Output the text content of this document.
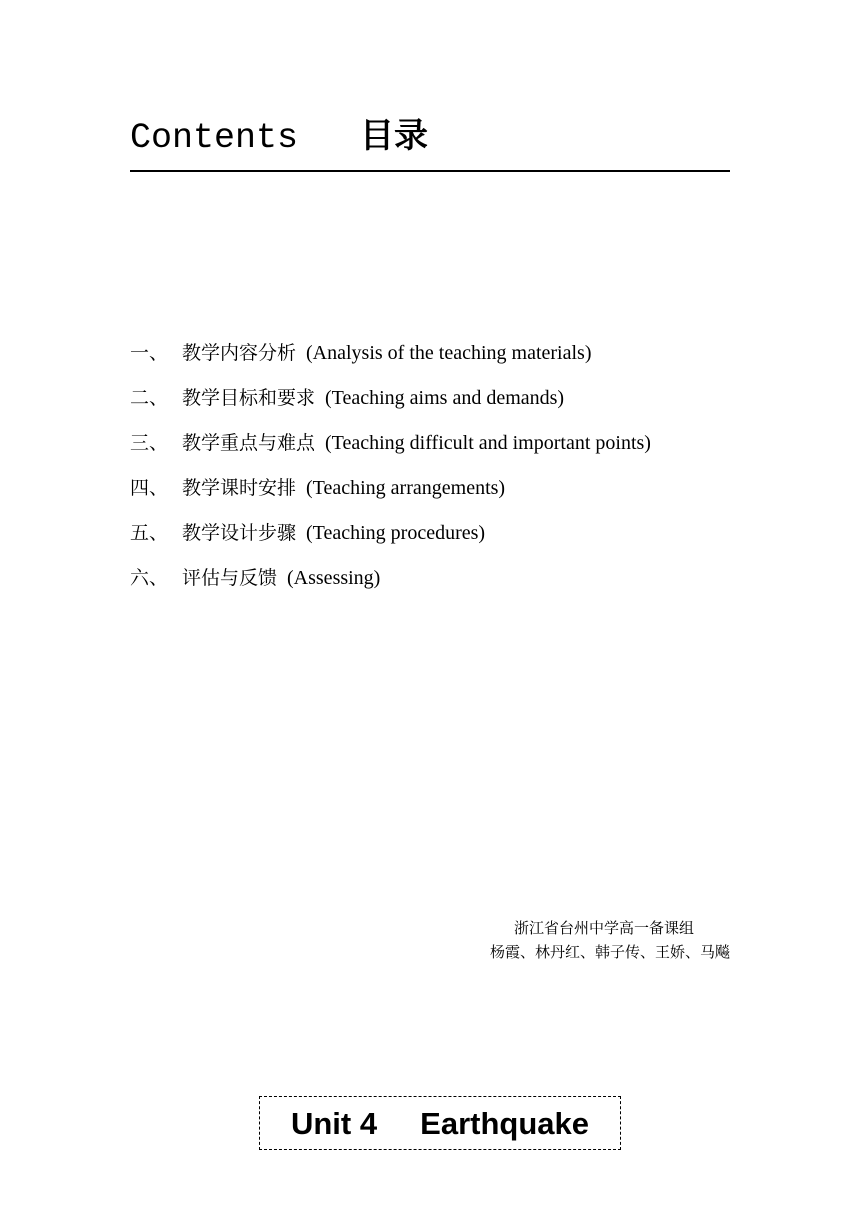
Contents 目录
一、 教学内容分析 (Analysis of the teaching materials)
二、 教学目标和要求 (Teaching aims and demands)
三、 教学重点与难点 (Teaching difficult and important points)
四、 教学课时安排 (Teaching arrangements)
五、 教学设计步骤 (Teaching procedures)
六、 评估与反馈 (Assessing)
浙江省台州中学高一备课组
杨霞、林丹红、韩子传、王娇、马飚
Unit 4 Earthquake
